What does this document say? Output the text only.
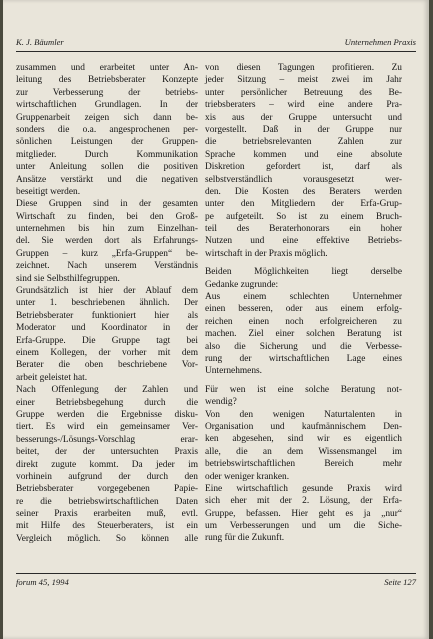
K. J. Bäumler	Unternehmen Praxis
zusammen und erarbeitet unter An-
leitung des Betriebsberater Konzepte
zur Verbesserung der betriebs-
wirtschaftlichen Grundlagen. In der
Gruppenarbeit zeigen sich dann be-
sonders die o.a. angesprochenen per-
sönlichen Leistungen der Gruppen-
mitglieder. Durch Kommunikation
unter Anleitung sollen die positiven
Ansätze verstärkt und die negativen
beseitigt werden.
Diese Gruppen sind in der gesamten
Wirtschaft zu finden, bei den Groß-
unternehmen bis hin zum Einzelhan-
del. Sie werden dort als Erfahrungs-
Gruppen – kurz „Erfa-Gruppen“ be-
zeichnet. Nach unserem Verständnis
sind sie Selbsthilfegruppen.
Grundsätzlich ist hier der Ablauf dem
unter 1. beschriebenen ähnlich. Der
Betriebsberater funktioniert hier als
Moderator und Koordinator in der
Erfa-Gruppe. Die Gruppe tagt bei
einem Kollegen, der vorher mit dem
Berater die oben beschriebene Vor-
arbeit geleistet hat.
Nach Offenlegung der Zahlen und
einer Betriebsbegehung durch die
Gruppe werden die Ergebnisse disku-
tiert. Es wird ein gemeinsamer Ver-
besserungs-/Lösungs-Vorschlag erar-
beitet, der der untersuchten Praxis
direkt zugute kommt. Da jeder im
vorhinein aufgrund der durch den
Betriebsberater vorgegebenen Papie-
re die betriebswirtschaftlichen Daten
seiner Praxis erarbeiten muß, evtl.
mit Hilfe des Steuerberaters, ist ein
Vergleich möglich. So können alle
von diesen Tagungen profitieren. Zu
jeder Sitzung – meist zwei im Jahr
unter persönlicher Betreuung des Be-
triebsberaters – wird eine andere Pra-
xis aus der Gruppe untersucht und
vorgestellt. Daß in der Gruppe nur
die betriebsrelevanten Zahlen zur
Sprache kommen und eine absolute
Diskretion gefordert ist, darf als
selbstverständlich vorausgesetzt wer-
den. Die Kosten des Beraters werden
unter den Mitgliedern der Erfa-Grup-
pe aufgeteilt. So ist zu einem Bruch-
teil des Beraterhonorars ein hoher
Nutzen und eine effektive Betriebs-
wirtschaft in der Praxis möglich.
Beiden Möglichkeiten liegt derselbe
Gedanke zugrunde:
Aus einem schlechten Unternehmer
einen besseren, oder aus einem erfolg-
reichen einen noch erfolgreicheren zu
machen. Ziel einer solchen Beratung ist
also die Sicherung und die Verbesse-
rung der wirtschaftlichen Lage eines
Unternehmens.
Für wen ist eine solche Beratung not-
wendig?
Von den wenigen Naturtalenten in
Organisation und kaufmännischem Den-
ken abgesehen, sind wir es eigentlich
alle, die an dem Wissensmangel im
betriebswirtschaftlichen Bereich mehr
oder weniger kranken.
Eine wirtschaftlich gesunde Praxis wird
sich eher mit der 2. Lösung, der Erfa-
Gruppe, befassen. Hier geht es ja „nur“
um Verbesserungen und um die Siche-
rung für die Zukunft.
forum 45, 1994	Seite 127
